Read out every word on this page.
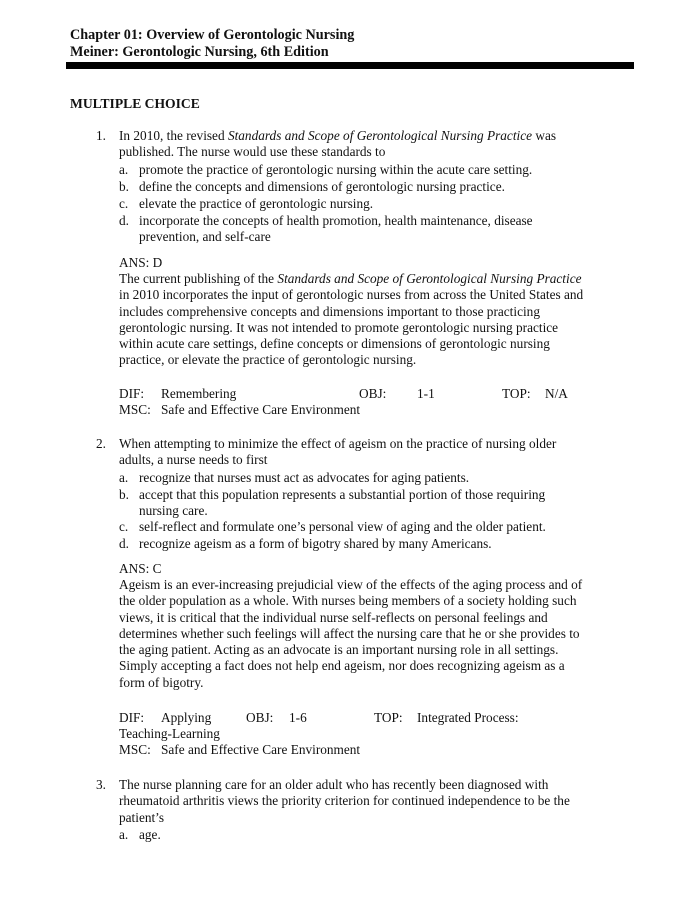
Chapter 01: Overview of Gerontologic Nursing
Meiner: Gerontologic Nursing, 6th Edition
MULTIPLE CHOICE
1. In 2010, the revised Standards and Scope of Gerontological Nursing Practice was
published. The nurse would use these standards to
a. promote the practice of gerontologic nursing within the acute care setting.
b. define the concepts and dimensions of gerontologic nursing practice.
c. elevate the practice of gerontologic nursing.
d. incorporate the concepts of health promotion, health maintenance, disease
prevention, and self-care
ANS: D
The current publishing of the Standards and Scope of Gerontological Nursing Practice
in 2010 incorporates the input of gerontologic nurses from across the United States and
includes comprehensive concepts and dimensions important to those practicing
gerontologic nursing. It was not intended to promote gerontologic nursing practice
within acute care settings, define concepts or dimensions of gerontologic nursing
practice, or elevate the practice of gerontologic nursing.
DIF: Remembering	OBJ: 1-1	TOP: N/A
MSC: Safe and Effective Care Environment
2. When attempting to minimize the effect of ageism on the practice of nursing older
adults, a nurse needs to first
a. recognize that nurses must act as advocates for aging patients.
b. accept that this population represents a substantial portion of those requiring
nursing care.
c. self-reflect and formulate one’s personal view of aging and the older patient.
d. recognize ageism as a form of bigotry shared by many Americans.
ANS: C
Ageism is an ever-increasing prejudicial view of the effects of the aging process and of
the older population as a whole. With nurses being members of a society holding such
views, it is critical that the individual nurse self-reflects on personal feelings and
determines whether such feelings will affect the nursing care that he or she provides to
the aging patient. Acting as an advocate is an important nursing role in all settings.
Simply accepting a fact does not help end ageism, nor does recognizing ageism as a
form of bigotry.
DIF: Applying	OBJ: 1-6	TOP: Integrated Process:
Teaching-Learning
MSC: Safe and Effective Care Environment
3. The nurse planning care for an older adult who has recently been diagnosed with
rheumatoid arthritis views the priority criterion for continued independence to be the
patient’s
a. age.
